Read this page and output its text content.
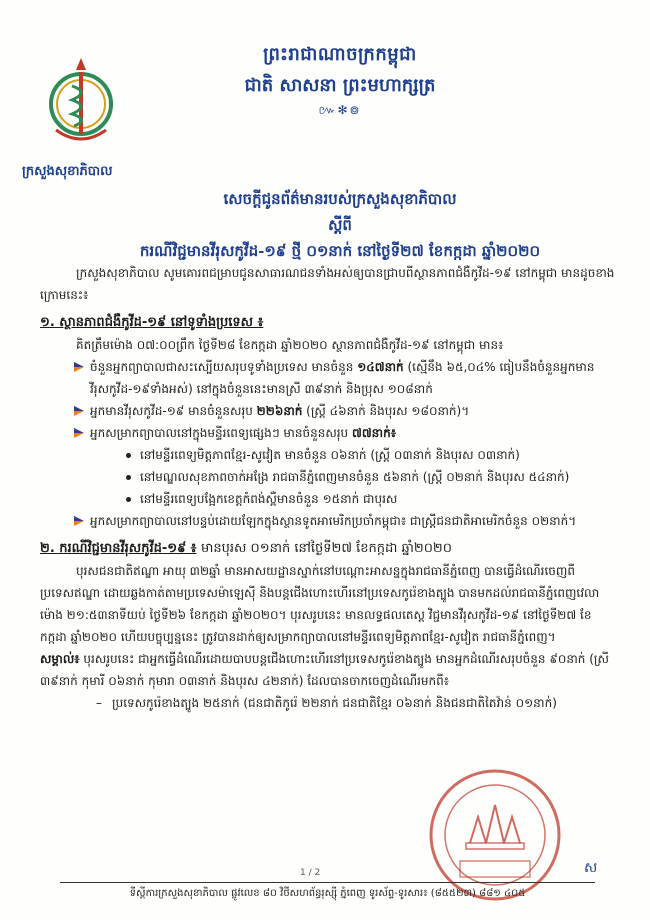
ក្រសួងសុខាភិបាល
ព្រះរាជាណាចក្រកម្ពុជា
ជាតិ សាសនា ព្រះមហាក្សត្រ
៚✻៙
សេចក្តីជូនព័ត៌មានរបស់ក្រសួងសុខាភិបាល
ស្តីពី
ករណីវិជ្ជមានវីរុសកូវីដ-១៩ ថ្មី ០១នាក់ នៅថ្ងៃទី២៧ ខែកក្កដា ឆ្នាំ២០២០

ក្រសួងសុខាភិបាល សូមគោរពជម្រាបជូនសាធារណជនទាំងអស់ឲ្យបានជ្រាបពីស្ថានភាពជំងឺកូវីដ-១៩ នៅកម្ពុជា មានដូចខាងក្រោមនេះ៖

១. ស្ថានភាពជំងឺកូវីដ-១៩ នៅទូទាំងប្រទេស ៖

គិតត្រឹមម៉ោង ០៧:០០ព្រឹក ថ្ងៃទី២៨ ខែកក្កដា ឆ្នាំ២០២០ ស្ថានភាពជំងឺកូវីដ-១៩ នៅកម្ពុជា មាន៖

ចំនួនអ្នកព្យាបាលជាសះស្បើយសរុបទូទាំងប្រទេស មានចំនួន ១៤៧នាក់ (ស្មើនឹង ៦៥,០៤% ធៀបនឹងចំនួនអ្នកមានវីរុសកូវីដ-១៩ទាំងអស់) នៅក្នុងចំនួននេះមានស្រី ៣៩នាក់ និងប្រុស ១០៨នាក់
អ្នកមានវីរុសកូវីដ-១៩ មានចំនួនសរុប ២២៦នាក់ (ស្ត្រី ៤៦នាក់ និងបុរស ១៨០នាក់)។
អ្នកសម្រាកព្យាបាលនៅក្នុងមន្ទីរពេទ្យផ្សេងៗ មានចំនួនសរុប ៧៧នាក់៖
នៅមន្ទីរពេទ្យមិត្តភាពខ្មែរ-សូវៀត មានចំនួន ០៦នាក់ (ស្ត្រី ០៣នាក់ និងបុរស ០៣នាក់)
នៅមណ្ឌលសុខភាពចាក់អង្រែ រាជធានីភ្នំពេញមានចំនួន ៥៦នាក់ (ស្ត្រី ០២នាក់ និងបុរស ៥៤នាក់)
នៅមន្ទីរពេទ្យបង្អែកខេត្តកំពង់ស្ពឺមានចំនួន ១៥នាក់ ជាបុរស
អ្នកសម្រាកព្យាបាលនៅបន្ទប់ដោយឡែកក្នុងស្ថានទូតអាមេរិកប្រចាំកម្ពុជា៖ ជាស្ត្រីជនជាតិអាមេរិកចំនួន ០២នាក់។

២. ករណីវិជ្ជមានវីរុសកូវីដ-១៩ ៖ មានបុរស ០១នាក់ នៅថ្ងៃទី២៧ ខែកក្កដា ឆ្នាំ២០២០

បុរសជនជាតិឥណ្ឌា អាយុ ៣២ឆ្នាំ មានអាសយដ្ឋានស្នាក់នៅបណ្តោះអាសន្នក្នុងរាជធានីភ្នំពេញ បានធ្វើដំណើរចេញពីប្រទេសឥណ្ឌា ដោយឆ្លងកាត់តាមប្រទេសម៉ាឡេស៊ី និងបន្តជើងហោះហើរនៅប្រទេសកូរ៉េខាងត្បូង បានមកដល់រាជធានីភ្នំពេញវេលាម៉ោង ២១:៥៣នាទីយប់ ថ្ងៃទី២៦ ខែកក្កដា ឆ្នាំ២០២០។ បុរសរូបនេះ មានលទ្ធផលតេស្ត វិជ្ជមានវីរុសកូវីដ-១៩ នៅថ្ងៃទី២៧ ខែកក្កដា ឆ្នាំ២០២០ ហើយបច្ចុប្បន្ននេះ ត្រូវបានដាក់ឲ្យសម្រាកព្យាបាលនៅមន្ទីរពេទ្យមិត្តភាពខ្មែរ-សូវៀត រាជធានីភ្នំពេញ។

សម្គាល់៖ បុរសរូបនេះ ជាអ្នកធ្វើដំណើរដោយបាបបន្តជើងហោះហើរនៅប្រទេសកូរ៉េខាងត្បូង មានអ្នកដំណើរសរុបចំនួន ៩០នាក់ (ស្រី ៣៩នាក់ កុមារី ០៦នាក់ កុមារា ០៣នាក់ និងបុរស ៤២នាក់) ដែលបានចាកចេញដំណើរមកពី៖

– ប្រទេសកូរ៉េខាងត្បូង ២៥នាក់ (ជនជាតិកូរ៉េ ២២នាក់ ជនជាតិខ្មែរ ០៦នាក់ និងជនជាតិតៃវ៉ាន់ ០១នាក់)
ស
1 / 2
ទីស្តីការក្រសួងសុខាភិបាល ផ្លូវលេខ ៨០ វិថីសហព័ន្ធរុស្ស៊ី ភ្នំពេញ ទូរស័ព្ទ-ទូរសារ៖ (៨៥៥២៣) ៨៨១ ៤០៥
